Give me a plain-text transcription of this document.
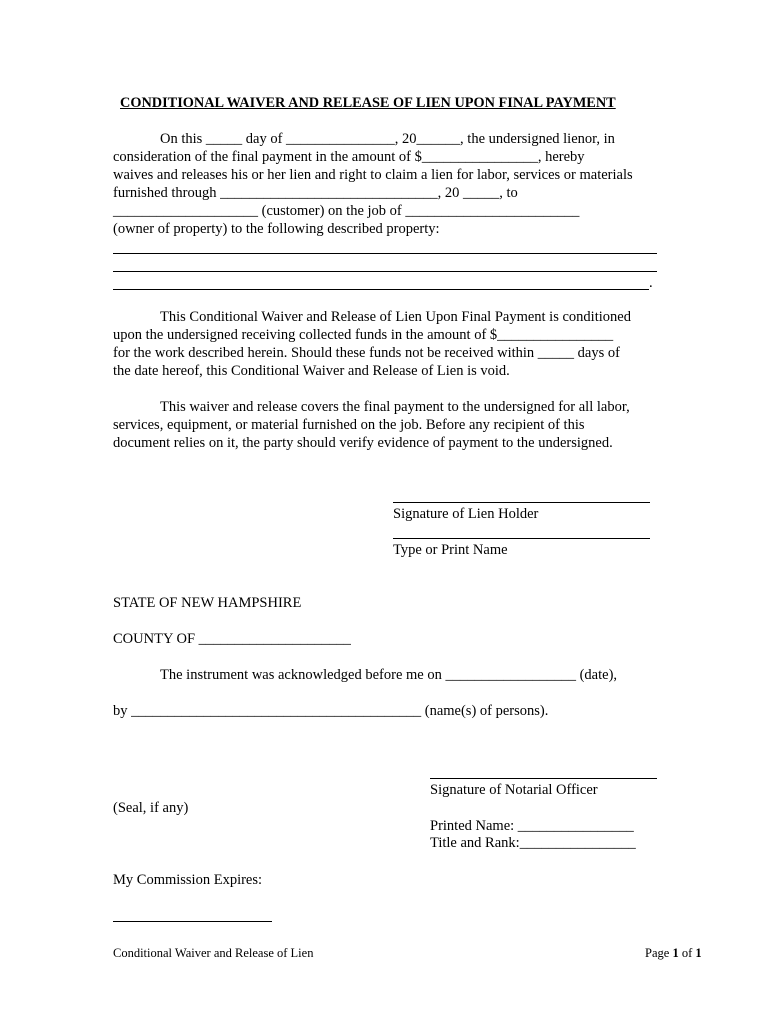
CONDITIONAL WAIVER AND RELEASE OF LIEN UPON FINAL PAYMENT
On this _____ day of _______________, 20______, the undersigned lienor, in
consideration of the final payment in the amount of $________________, hereby
waives and releases his or her lien and right to claim a lien for labor, services or materials
furnished through ______________________________, 20 _____, to
____________________ (customer) on the job of ________________________
(owner of property) to the following described property:
.
This Conditional Waiver and Release of Lien Upon Final Payment is conditioned
upon the undersigned receiving collected funds in the amount of $________________
for the work described herein. Should these funds not be received within _____ days of
the date hereof, this Conditional Waiver and Release of Lien is void.
This waiver and release covers the final payment to the undersigned for all labor,
services, equipment, or material furnished on the job. Before any recipient of this
document relies on it, the party should verify evidence of payment to the undersigned.
Signature of Lien Holder
Type or Print Name
STATE OF NEW HAMPSHIRE
COUNTY OF _____________________
The instrument was acknowledged before me on __________________ (date),
by ________________________________________ (name(s) of persons).
Signature of Notarial Officer
(Seal, if any)
Printed Name: ________________
Title and Rank:________________
My Commission Expires:
Conditional Waiver and Release of Lien	Page 1 of 1
